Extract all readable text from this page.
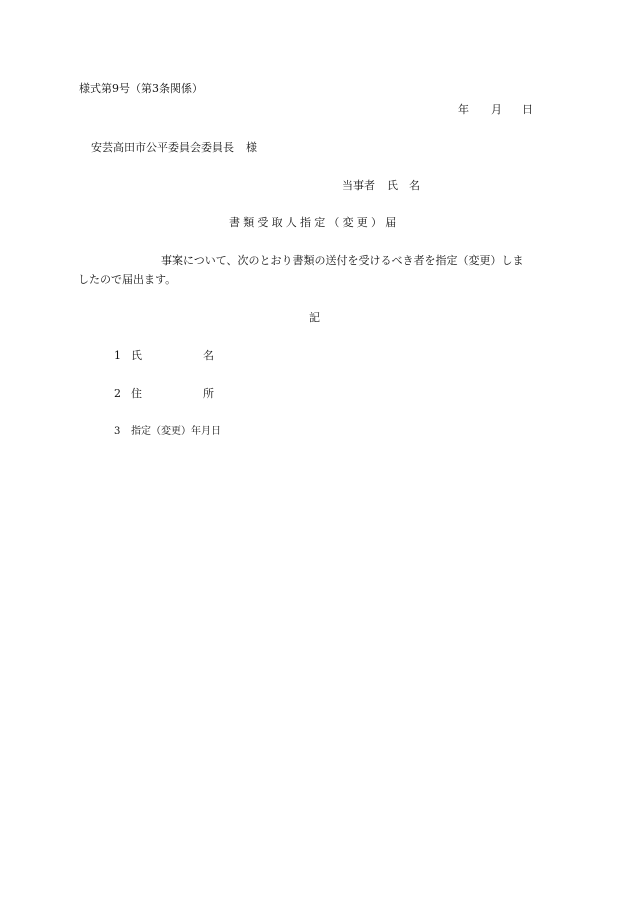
様式第9号（第3条関係）
年 月 日
安芸高田市公平委員会委員長 様
当事者 氏　名
書類受取人指定（変更）届
事案について、次のとおり書類の送付を受けるべき者を指定（変更）しま
したので届出ます。
記
1 氏	名
2 住	所
3 指定（変更）年月日
